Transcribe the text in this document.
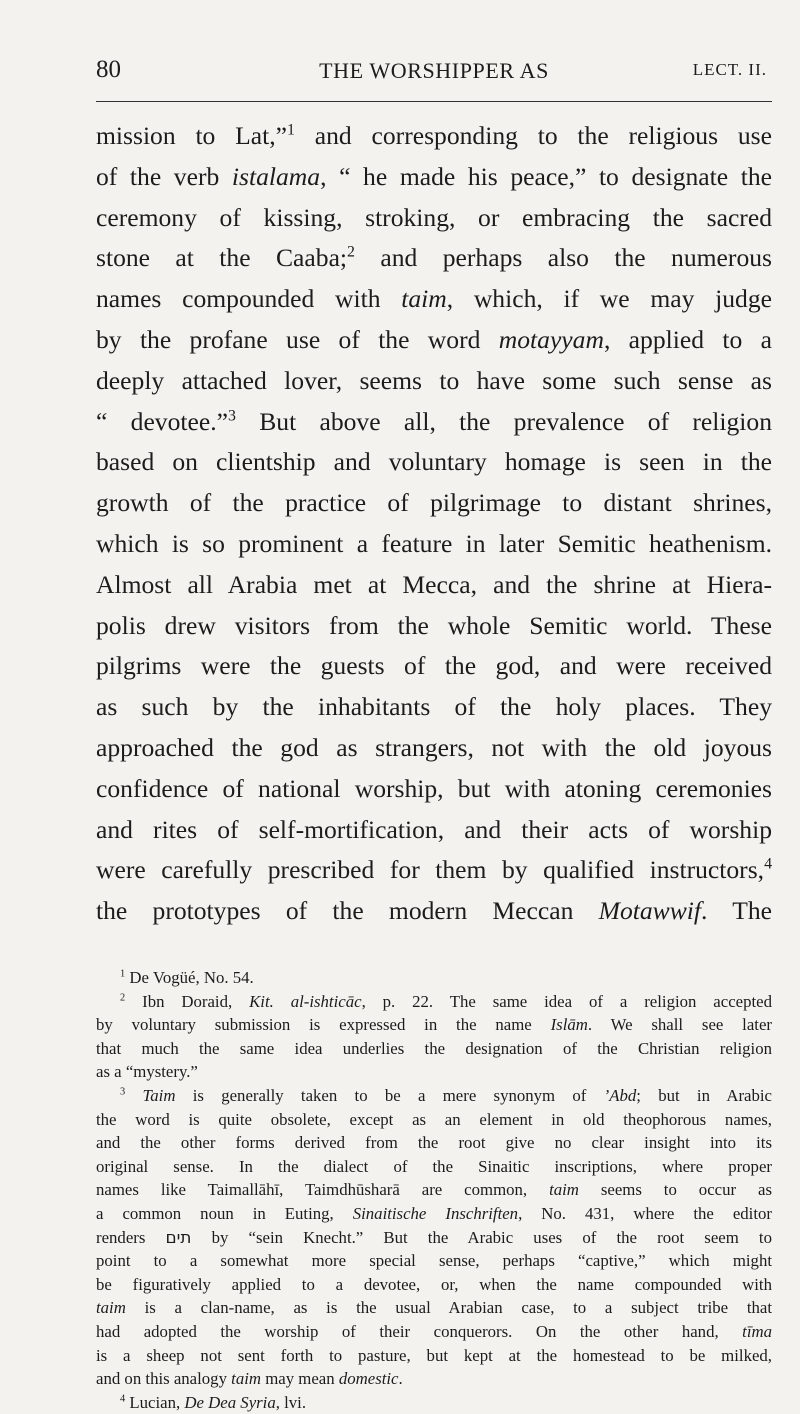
80	THE WORSHIPPER AS	LECT. II.
mission to Lat,”$^1$ and corresponding to the religious use
of the verb istalama, “ he made his peace,” to designate the
ceremony of kissing, stroking, or embracing the sacred
stone at the Caaba;$^2$ and perhaps also the numerous
names compounded with taim, which, if we may judge
by the profane use of the word motayyam, applied to a
deeply attached lover, seems to have some such sense as
“ devotee.”$^3$ But above all, the prevalence of religion
based on clientship and voluntary homage is seen in the
growth of the practice of pilgrimage to distant shrines,
which is so prominent a feature in later Semitic heathenism.
Almost all Arabia met at Mecca, and the shrine at Hiera-
polis drew visitors from the whole Semitic world. These
pilgrims were the guests of the god, and were received
as such by the inhabitants of the holy places. They
approached the god as strangers, not with the old joyous
confidence of national worship, but with atoning ceremonies
and rites of self-mortification, and their acts of worship
were carefully prescribed for them by qualified instructors,$^4$
the prototypes of the modern Meccan Motawwif. The
$^1$ De Vogüé, No. 54.
$^2$ Ibn Doraid, Kit. al-ishticāc, p. 22. The same idea of a religion accepted
by voluntary submission is expressed in the name Islām. We shall see later
that much the same idea underlies the designation of the Christian religion
as a “mystery.”
$^3$ Taim is generally taken to be a mere synonym of ’Abd; but in Arabic
the word is quite obsolete, except as an element in old theophorous names,
and the other forms derived from the root give no clear insight into its
original sense. In the dialect of the Sinaitic inscriptions, where proper
names like Taimallāhī, Taimdhūsharā are common, taim seems to occur as
a common noun in Euting, Sinaitische Inschriften, No. 431, where the editor
renders תים by “sein Knecht.” But the Arabic uses of the root seem to
point to a somewhat more special sense, perhaps “captive,” which might
be figuratively applied to a devotee, or, when the name compounded with
taim is a clan-name, as is the usual Arabian case, to a subject tribe that
had adopted the worship of their conquerors. On the other hand, tīma
is a sheep not sent forth to pasture, but kept at the homestead to be milked,
and on this analogy taim may mean domestic.
$^4$ Lucian, De Dea Syria, lvi.
